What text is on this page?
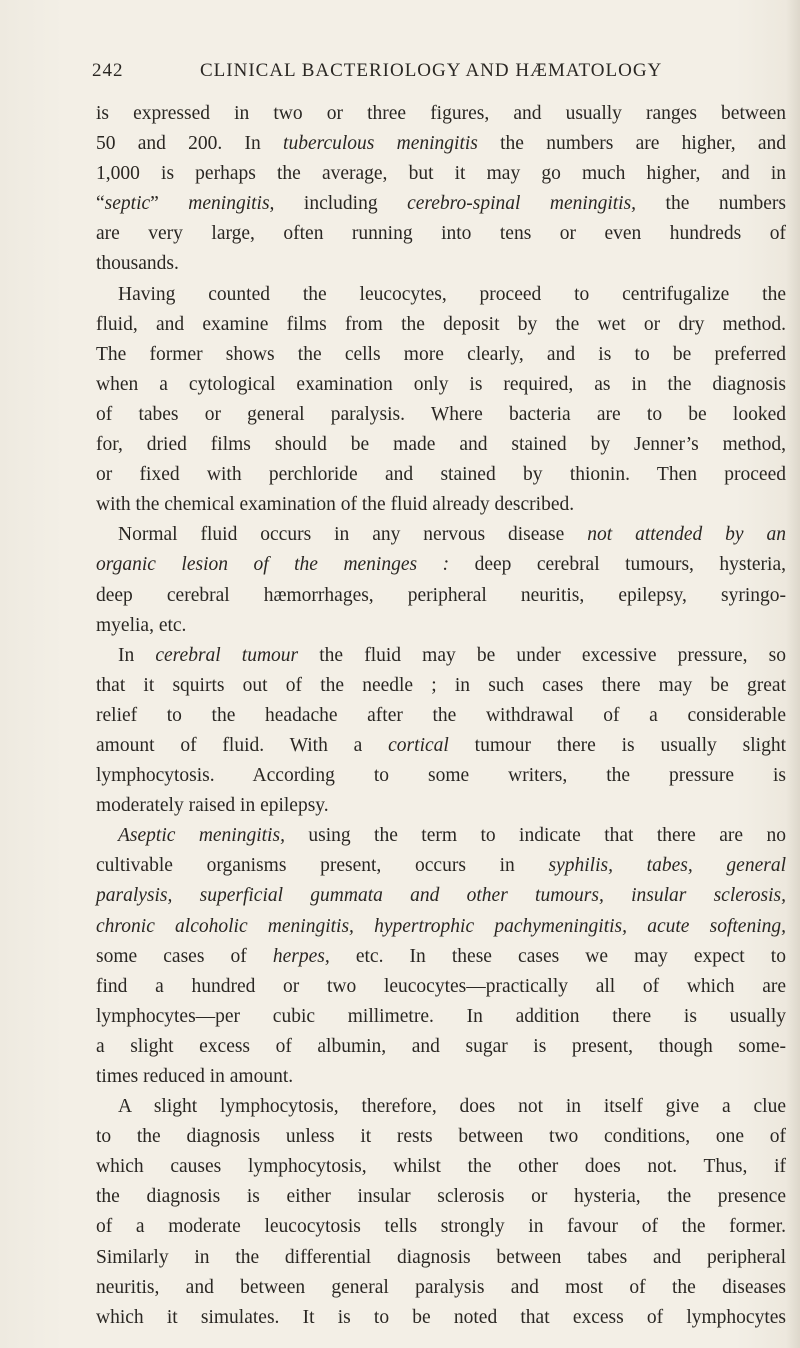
242	CLINICAL BACTERIOLOGY AND HÆMATOLOGY
is expressed in two or three figures, and usually ranges between
50 and 200. In tuberculous meningitis the numbers are higher, and
1,000 is perhaps the average, but it may go much higher, and in
“septic” meningitis, including cerebro-spinal meningitis, the numbers
are very large, often running into tens or even hundreds of
thousands.
Having counted the leucocytes, proceed to centrifugalize the
fluid, and examine films from the deposit by the wet or dry method.
The former shows the cells more clearly, and is to be preferred
when a cytological examination only is required, as in the diagnosis
of tabes or general paralysis. Where bacteria are to be looked
for, dried films should be made and stained by Jenner’s method,
or fixed with perchloride and stained by thionin. Then proceed
with the chemical examination of the fluid already described.
Normal fluid occurs in any nervous disease not attended by an
organic lesion of the meninges : deep cerebral tumours, hysteria,
deep cerebral hæmorrhages, peripheral neuritis, epilepsy, syringo-
myelia, etc.
In cerebral tumour the fluid may be under excessive pressure, so
that it squirts out of the needle ; in such cases there may be great
relief to the headache after the withdrawal of a considerable
amount of fluid. With a cortical tumour there is usually slight
lymphocytosis. According to some writers, the pressure is
moderately raised in epilepsy.
Aseptic meningitis, using the term to indicate that there are no
cultivable organisms present, occurs in syphilis, tabes, general
paralysis, superficial gummata and other tumours, insular sclerosis,
chronic alcoholic meningitis, hypertrophic pachymeningitis, acute softening,
some cases of herpes, etc. In these cases we may expect to
find a hundred or two leucocytes—practically all of which are
lymphocytes—per cubic millimetre. In addition there is usually
a slight excess of albumin, and sugar is present, though some-
times reduced in amount.
A slight lymphocytosis, therefore, does not in itself give a clue
to the diagnosis unless it rests between two conditions, one of
which causes lymphocytosis, whilst the other does not. Thus, if
the diagnosis is either insular sclerosis or hysteria, the presence
of a moderate leucocytosis tells strongly in favour of the former.
Similarly in the differential diagnosis between tabes and peripheral
neuritis, and between general paralysis and most of the diseases
which it simulates. It is to be noted that excess of lymphocytes
